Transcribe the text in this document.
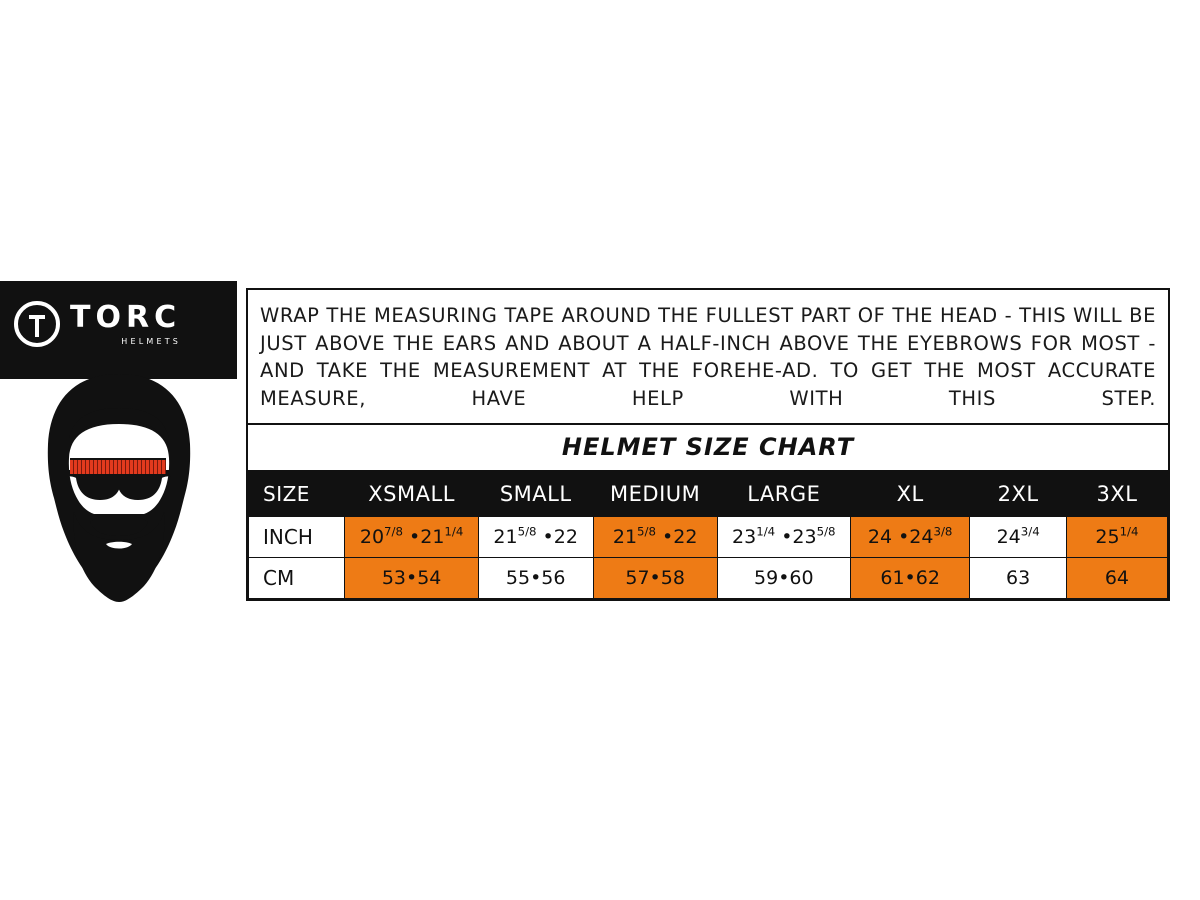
TORC
HELMETS

WRAP THE MEASURING TAPE AROUND THE FULLEST PART OF THE HEAD - THIS WILL BE JUST ABOVE THE EARS AND ABOUT A HALF-INCH ABOVE THE EYEBROWS FOR MOST - AND TAKE THE MEASUREMENT AT THE FOREHE-AD. TO GET THE MOST ACCURATE MEASURE, HAVE HELP WITH THIS STEP.

HELMET SIZE CHART
SIZE	XSMALL	SMALL	MEDIUM	LARGE	XL	2XL	3XL
INCH	$20^{7/8}$ $•21^{1/4}$	$21^{5/8}$ •22	$21^{5/8}$ •22	$23^{1/4}$ $•23^{5/8}$	24 $•24^{3/8}$	$24^{3/4}$	$25^{1/4}$
CM	53•54	55•56	57•58	59•60	61•62	63	64
